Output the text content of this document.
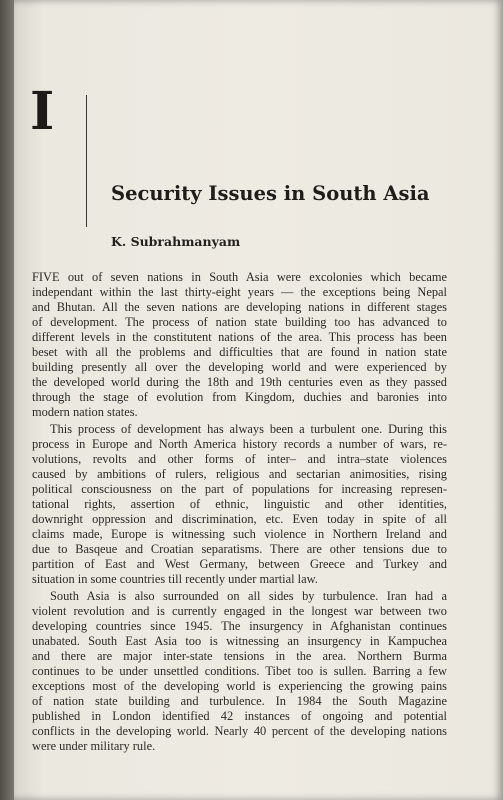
I
Security Issues in South Asia
K. Subrahmanyam
FIVE out of seven nations in South Asia were excolonies which became
independant within the last thirty-eight years — the exceptions being Nepal
and Bhutan. All the seven nations are developing nations in different stages
of development. The process of nation state building too has advanced to
different levels in the constitutent nations of the area. This process has been
beset with all the problems and difficulties that are found in nation state
building presently all over the developing world and were experienced by
the developed world during the 18th and 19th centuries even as they passed
through the stage of evolution from Kingdom, duchies and baronies into
modern nation states.
This process of development has always been a turbulent one. During this
process in Europe and North America history records a number of wars, re-
volutions, revolts and other forms of inter– and intra–state violences
caused by ambitions of rulers, religious and sectarian animosities, rising
political consciousness on the part of populations for increasing represen-
tational rights, assertion of ethnic, linguistic and other identities,
downright oppression and discrimination, etc. Even today in spite of all
claims made, Europe is witnessing such violence in Northern Ireland and
due to Basqeue and Croatian separatisms. There are other tensions due to
partition of East and West Germany, between Greece and Turkey and
situation in some countries till recently under martial law.
South Asia is also surrounded on all sides by turbulence. Iran had a
violent revolution and is currently engaged in the longest war between two
developing countries since 1945. The insurgency in Afghanistan continues
unabated. South East Asia too is witnessing an insurgency in Kampuchea
and there are major inter-state tensions in the area. Northern Burma
continues to be under unsettled conditions. Tibet too is sullen. Barring a few
exceptions most of the developing world is experiencing the growing pains
of nation state building and turbulence. In 1984 the South Magazine
published in London identified 42 instances of ongoing and potential
conflicts in the developing world. Nearly 40 percent of the developing nations
were under military rule.
